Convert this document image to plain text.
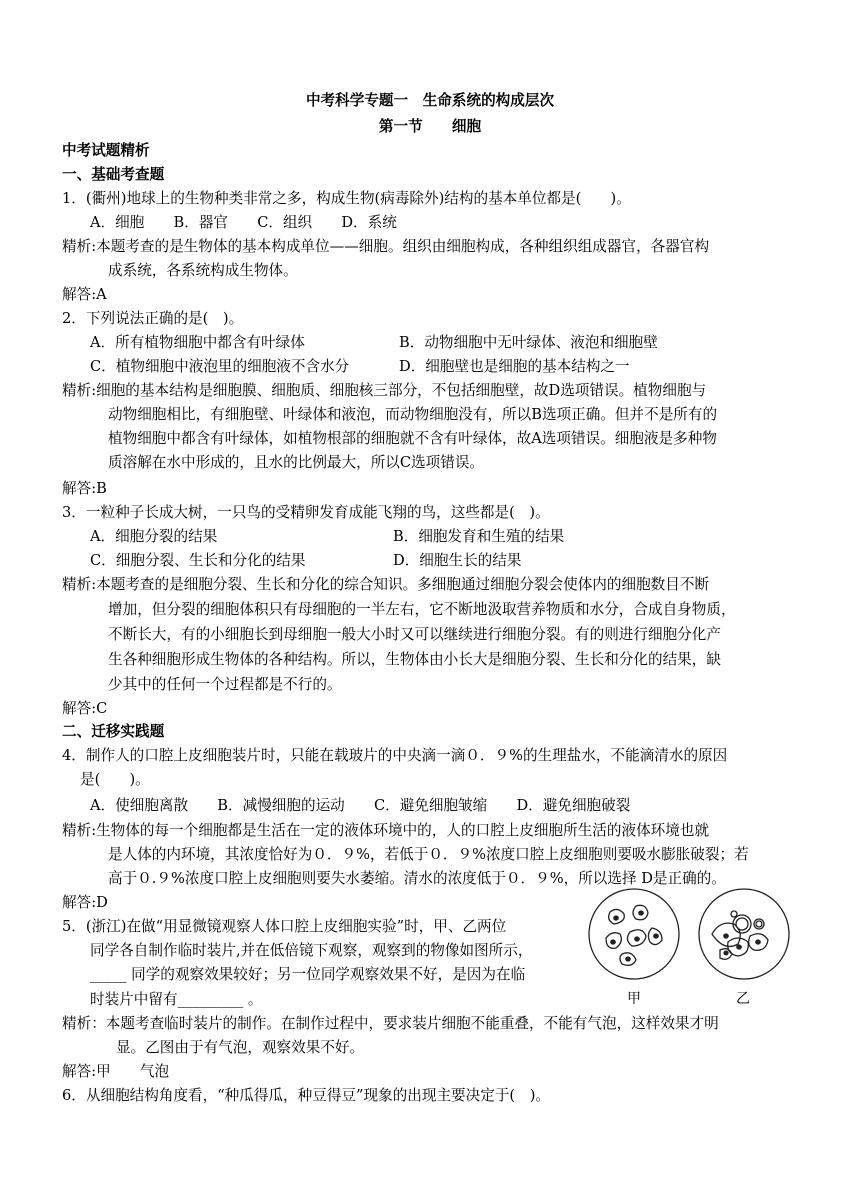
中考科学专题一　生命系统的构成层次
第一节　　细胞
中考试题精析
一、基础考查题
1．(衢州)地球上的生物种类非常之多，构成生物(病毒除外)结构的基本单位都是(　　)。
A．细胞　　B．器官　　C．组织　　D．系统
精析:本题考查的是生物体的基本构成单位——细胞。组织由细胞构成，各种组织组成器官，各器官构
成系统，各系统构成生物体。
解答:A
2．下列说法正确的是(　)。
A．所有植物细胞中都含有叶绿体	B．动物细胞中无叶绿体、液泡和细胞壁
C．植物细胞中液泡里的细胞液不含水分	D．细胞壁也是细胞的基本结构之一
精析:细胞的基本结构是细胞膜、细胞质、细胞核三部分，不包括细胞壁，故D选项错误。植物细胞与
动物细胞相比，有细胞壁、叶绿体和液泡，而动物细胞没有，所以B选项正确。但并不是所有的
植物细胞中都含有叶绿体，如植物根部的细胞就不含有叶绿体，故A选项错误。细胞液是多种物
质溶解在水中形成的，且水的比例最大，所以C选项错误。
解答:B
3．一粒种子长成大树，一只鸟的受精卵发育成能飞翔的鸟，这些都是(　)。
A．细胞分裂的结果	B．细胞发育和生殖的结果
C．细胞分裂、生长和分化的结果	D．细胞生长的结果
精析:本题考查的是细胞分裂、生长和分化的综合知识。多细胞通过细胞分裂会使体内的细胞数目不断
增加，但分裂的细胞体积只有母细胞的一半左右，它不断地汲取营养物质和水分，合成自身物质，
不断长大，有的小细胞长到母细胞一般大小时又可以继续进行细胞分裂。有的则进行细胞分化产
生各种细胞形成生物体的各种结构。所以，生物体由小长大是细胞分裂、生长和分化的结果，缺
少其中的任何一个过程都是不行的。
解答:C
二、迁移实践题
4．制作人的口腔上皮细胞装片时，只能在载玻片的中央滴一滴０．９%的生理盐水，不能滴清水的原因
是(　　)。
A．使细胞离散　　B．减慢细胞的运动　　C．避免细胞皱缩　　D．避免细胞破裂
精析:生物体的每一个细胞都是生活在一定的液体环境中的，人的口腔上皮细胞所生活的液体环境也就
是人体的内环境，其浓度恰好为０．９%，若低于０．９%浓度口腔上皮细胞则要吸水膨胀破裂；若
高于０.９%浓度口腔上皮细胞则要失水萎缩。清水的浓度低于０．９%，所以选择 D是正确的。
解答:D
5．(浙江)在做“用显微镜观察人体口腔上皮细胞实验”时，甲、乙两位
同学各自制作临时装片,并在低倍镜下观察，观察到的物像如图所示，
_____ 同学的观察效果较好；另一位同学观察效果不好，是因为在临
时装片中留有_________ 。	甲	乙
精析：本题考查临时装片的制作。在制作过程中，要求装片细胞不能重叠，不能有气泡，这样效果才明
显。乙图由于有气泡，观察效果不好。
解答:甲　　气泡
6．从细胞结构角度看，“种瓜得瓜，种豆得豆”现象的出现主要决定于(　)。
